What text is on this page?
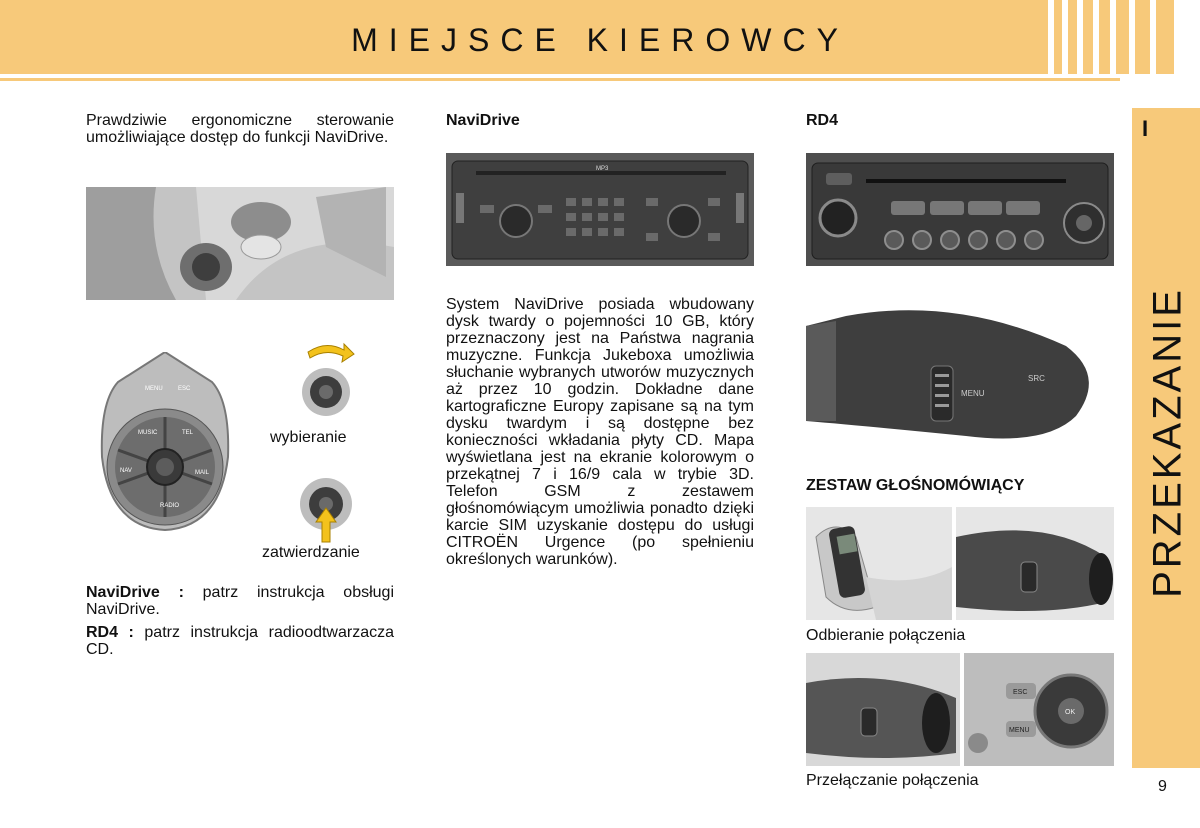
MIEJSCE KIEROWCY
I
PRZEKAZANIE
9
Prawdziwie ergonomiczne sterowanie umożliwiające dostęp do funkcji NaviDrive.
MENU	ESC
MUSIC	TEL
NAV
RADIO
MAIL
wybieranie
zatwierdzanie
NaviDrive : patrz instrukcja obsługi NaviDrive.
RD4 : patrz instrukcja radioodtwarzacza CD.
NaviDrive
MP3
System NaviDrive posiada wbudowany dysk twardy o pojemności 10 GB, który przeznaczony jest na Państwa nagrania muzyczne. Funkcja Jukeboxa umożliwia słuchanie wybranych utworów muzycznych aż przez 10 godzin. Dokładne dane kartograficzne Europy zapisane są na tym dysku twardym i są dostępne bez konieczności wkładania płyty CD. Mapa wyświetlana jest na ekranie kolorowym o przekątnej 7 i 16/9 cala w trybie 3D. Telefon GSM z zestawem głośnomówiącym umożliwia ponadto dzięki karcie SIM uzyskanie dostępu do usługi CITROËN Urgence (po spełnieniu określonych warunków).
RD4
MENU
SRC
ZESTAW GŁOŚNOMÓWIĄCY
Odbieranie połączenia
ESC
OK
MENU
Przełączanie połączenia
